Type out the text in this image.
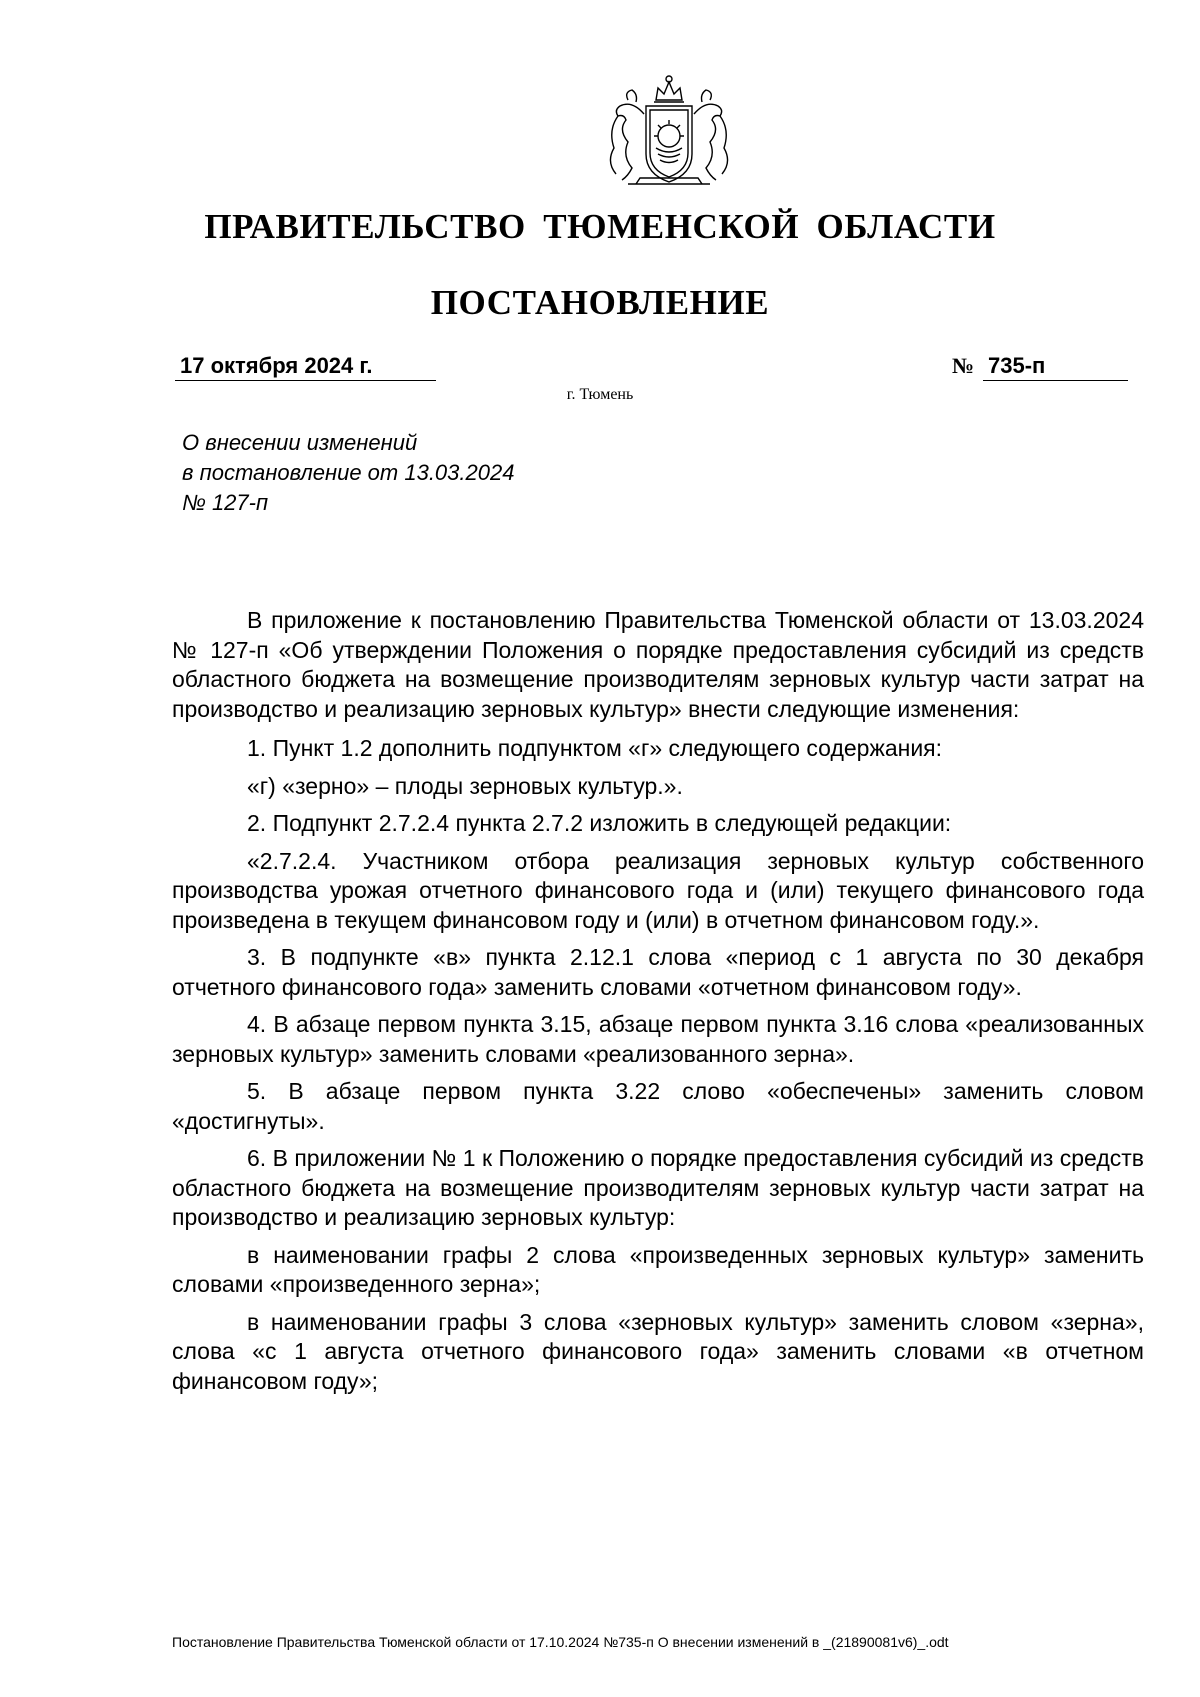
ПРАВИТЕЛЬСТВО ТЮМЕНСКОЙ ОБЛАСТИ
ПОСТАНОВЛЕНИЕ
17 октября 2024 г.	№ 735-п
г. Тюмень
О внесении изменений
в постановление от 13.03.2024
№ 127-п

В приложение к постановлению Правительства Тюменской области от 13.03.2024 № 127-п «Об утверждении Положения о порядке предоставления субсидий из средств областного бюджета на возмещение производителям зерновых культур части затрат на производство и реализацию зерновых культур» внести следующие изменения:

1. Пункт 1.2 дополнить подпунктом «г» следующего содержания:

«г) «зерно» – плоды зерновых культур.».

2. Подпункт 2.7.2.4 пункта 2.7.2 изложить в следующей редакции:

«2.7.2.4. Участником отбора реализация зерновых культур собственного производства урожая отчетного финансового года и (или) текущего финансового года произведена в текущем финансовом году и (или) в отчетном финансовом году.».

3. В подпункте «в» пункта 2.12.1 слова «период с 1 августа по 30 декабря отчетного финансового года» заменить словами «отчетном финансовом году».

4. В абзаце первом пункта 3.15, абзаце первом пункта 3.16 слова «реализованных зерновых культур» заменить словами «реализованного зерна».

5. В абзаце первом пункта 3.22 слово «обеспечены» заменить словом «достигнуты».

6. В приложении № 1 к Положению о порядке предоставления субсидий из средств областного бюджета на возмещение производителям зерновых культур части затрат на производство и реализацию зерновых культур:

в наименовании графы 2 слова «произведенных зерновых культур» заменить словами «произведенного зерна»;

в наименовании графы 3 слова «зерновых культур» заменить словом «зерна», слова «с 1 августа отчетного финансового года» заменить словами «в отчетном финансовом году»;

Постановление Правительства Тюменской области от 17.10.2024 №735-п О внесении изменений в _(21890081v6)_.odt
